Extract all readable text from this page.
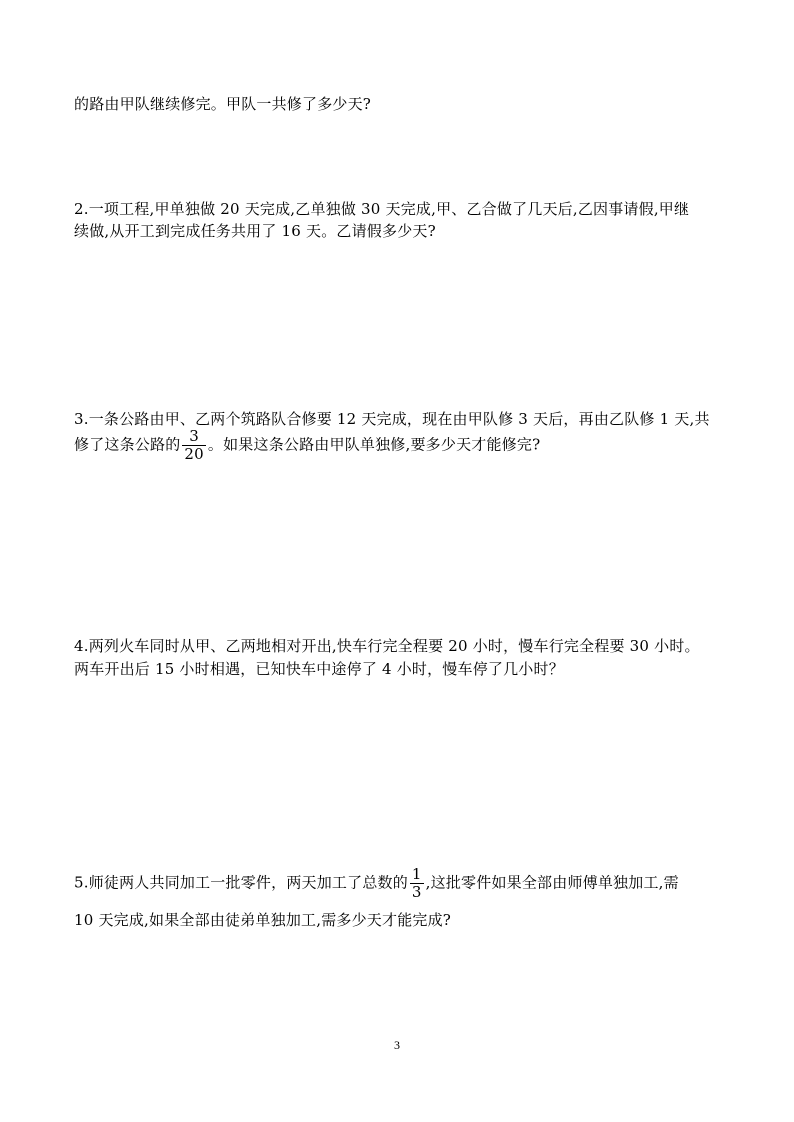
的路由甲队继续修完。甲队一共修了多少天?
2.一项工程,甲单独做 20 天完成,乙单独做 30 天完成,甲、乙合做了几天后,乙因事请假,甲继
续做,从开工到完成任务共用了 16 天。乙请假多少天?
3.一条公路由甲、乙两个筑路队合修要 12 天完成，现在由甲队修 3 天后，再由乙队修 1 天,共
修了这条公路的 $\frac{3}{20}$ 。如果这条公路由甲队单独修,要多少天才能修完?
4.两列火车同时从甲、乙两地相对开出,快车行完全程要 20 小时，慢车行完全程要 30 小时。
两车开出后 15 小时相遇，已知快车中途停了 4 小时，慢车停了几小时？
5.师徒两人共同加工一批零件，两天加工了总数的 $\frac{1}{3}$ ,这批零件如果全部由师傅单独加工,需
10 天完成,如果全部由徒弟单独加工,需多少天才能完成?
3
